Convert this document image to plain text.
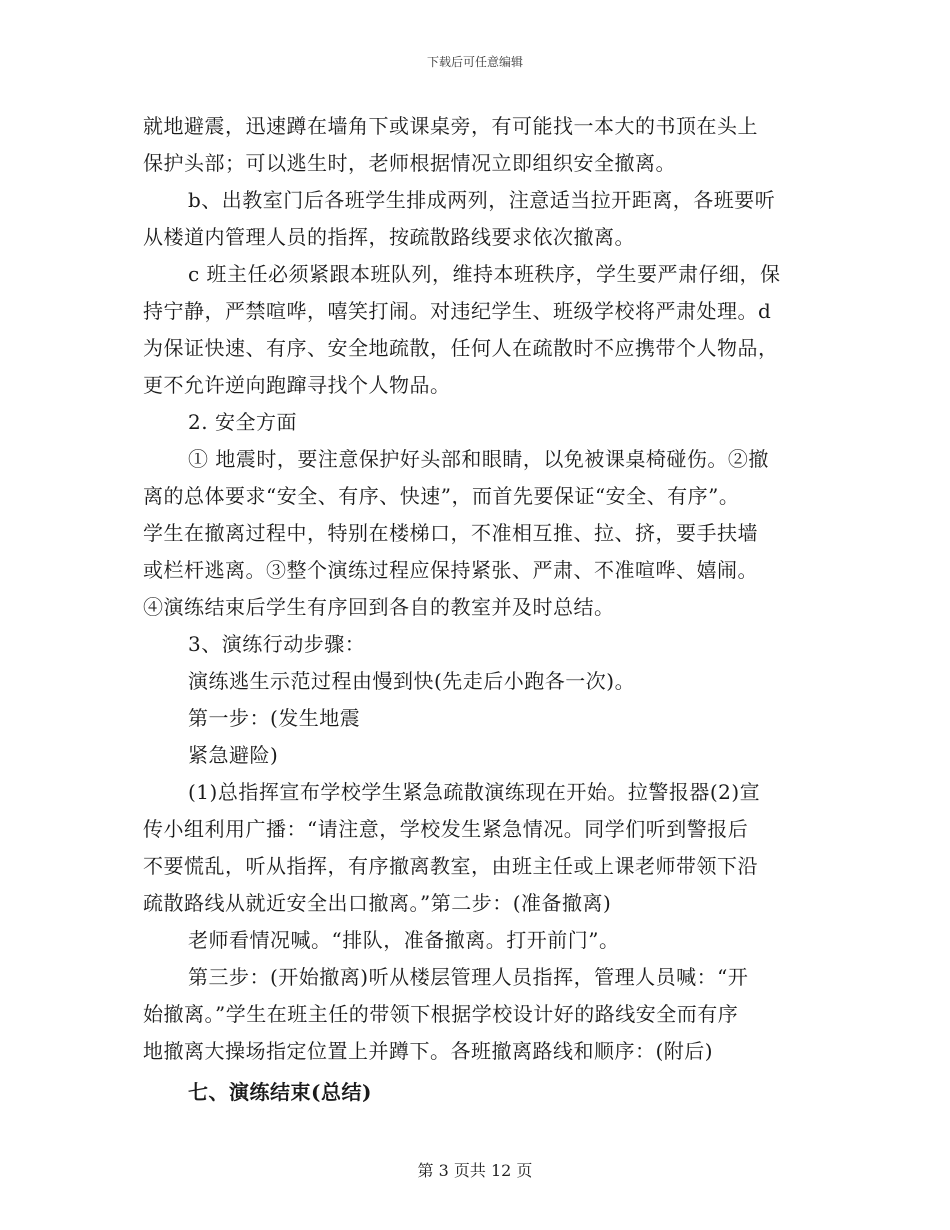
下载后可任意编辑
就地避震，迅速蹲在墙角下或课桌旁，有可能找一本大的书顶在头上
保护头部；可以逃生时，老师根据情况立即组织安全撤离。
b、出教室门后各班学生排成两列，注意适当拉开距离，各班要听
从楼道内管理人员的指挥，按疏散路线要求依次撤离。
c 班主任必须紧跟本班队列，维持本班秩序，学生要严肃仔细，保
持宁静，严禁喧哗，嘻笑打闹。对违纪学生、班级学校将严肃处理。d
为保证快速、有序、安全地疏散，任何人在疏散时不应携带个人物品，
更不允许逆向跑蹿寻找个人物品。
2. 安全方面
① 地震时，要注意保护好头部和眼睛，以免被课桌椅碰伤。②撤
离的总体要求“安全、有序、快速”，而首先要保证“安全、有序”。
学生在撤离过程中，特别在楼梯口，不准相互推、拉、挤，要手扶墙
或栏杆逃离。③整个演练过程应保持紧张、严肃、不准喧哗、嬉闹。
④演练结束后学生有序回到各自的教室并及时总结。
3、演练行动步骤：
演练逃生示范过程由慢到快(先走后小跑各一次)。
第一步：(发生地震
紧急避险)
(1)总指挥宣布学校学生紧急疏散演练现在开始。拉警报器(2)宣
传小组利用广播：“请注意，学校发生紧急情况。同学们听到警报后
不要慌乱，听从指挥，有序撤离教室，由班主任或上课老师带领下沿
疏散路线从就近安全出口撤离。”第二步：(准备撤离)
老师看情况喊。“排队，准备撤离。打开前门”。
第三步：(开始撤离)听从楼层管理人员指挥，管理人员喊：“开
始撤离。”学生在班主任的带领下根据学校设计好的路线安全而有序
地撤离大操场指定位置上并蹲下。各班撤离路线和顺序：(附后)
七、演练结束(总结)
第 3 页共 12 页
